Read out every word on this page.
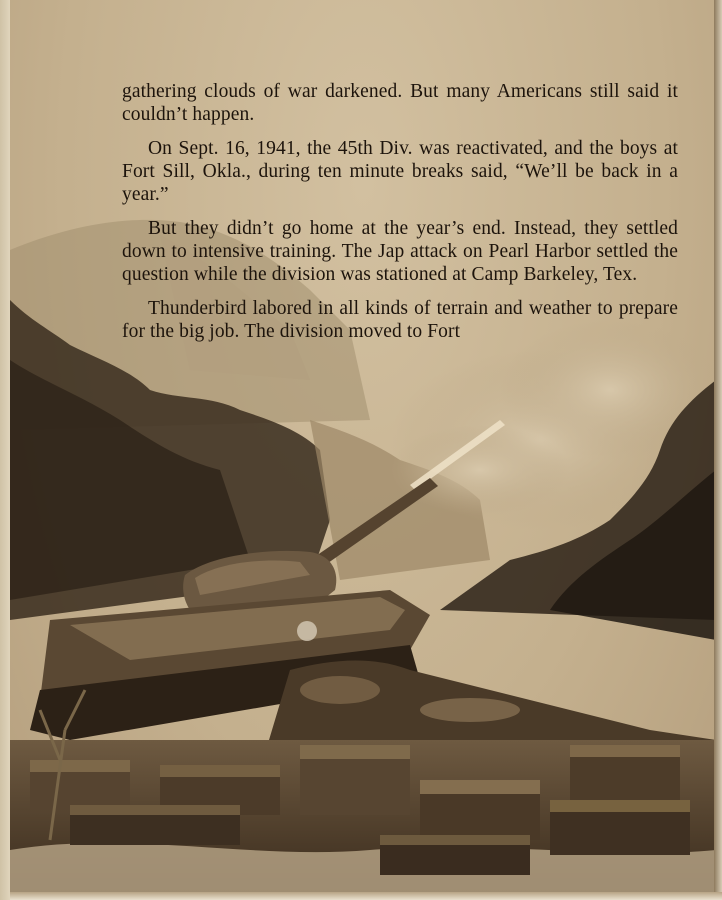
gathering clouds of war darkened. But many Americans still said it couldn’t happen.

On Sept. 16, 1941, the 45th Div. was reactivated, and the boys at Fort Sill, Okla., during ten minute breaks said, “We’ll be back in a year.”

But they didn’t go home at the year’s end. Instead, they settled down to intensive training. The Jap attack on Pearl Harbor settled the question while the division was stationed at Camp Barkeley, Tex.

Thunderbird labored in all kinds of terrain and weather to prepare for the big job. The division moved to Fort
